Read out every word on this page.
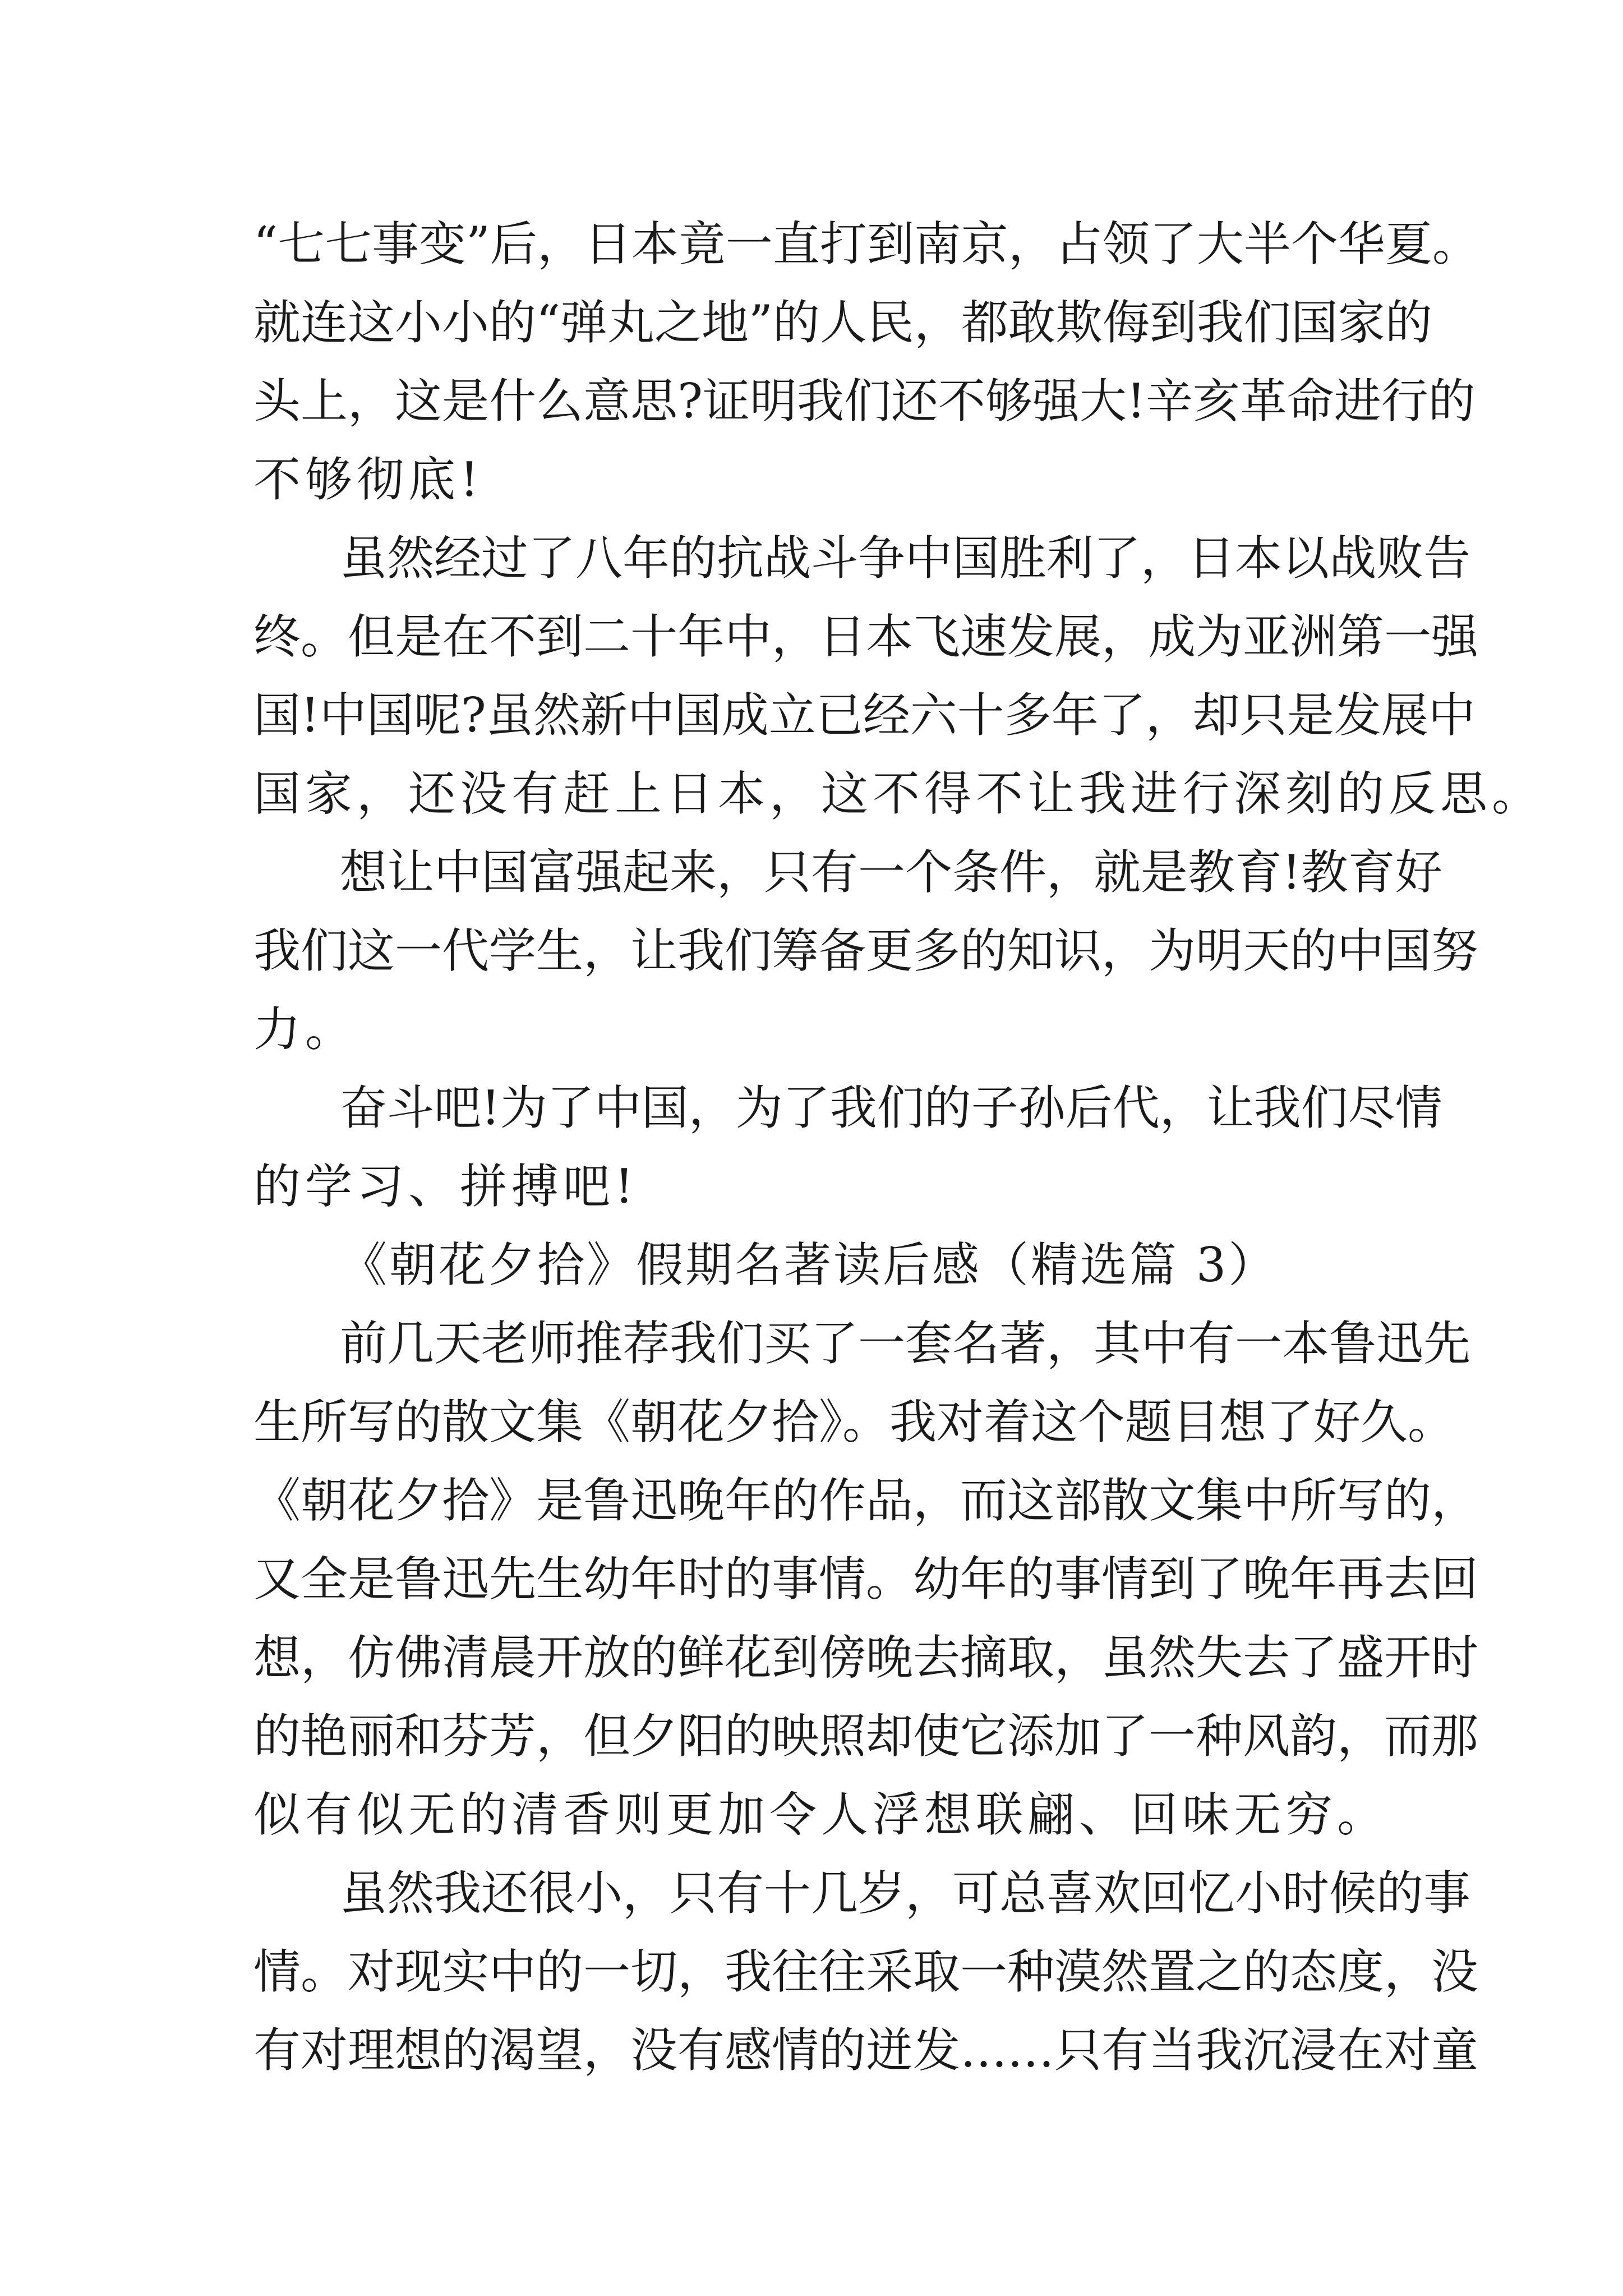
“七七事变”后，日本竟一直打到南京，占领了大半个华夏。
就连这小小的“弹丸之地”的人民，都敢欺侮到我们国家的
头上，这是什么意思?证明我们还不够强大!辛亥革命进行的
不够彻底!
虽然经过了八年的抗战斗争中国胜利了，日本以战败告
终。但是在不到二十年中，日本飞速发展，成为亚洲第一强
国!中国呢?虽然新中国成立已经六十多年了，却只是发展中
国家，还没有赶上日本，这不得不让我进行深刻的反思。
想让中国富强起来，只有一个条件，就是教育!教育好
我们这一代学生，让我们筹备更多的知识，为明天的中国努
力。
奋斗吧!为了中国，为了我们的子孙后代，让我们尽情
的学习、拼搏吧!
《朝花夕拾》假期名著读后感（精选篇 3）
前几天老师推荐我们买了一套名著，其中有一本鲁迅先
生所写的散文集《朝花夕拾》。我对着这个题目想了好久。
《朝花夕拾》是鲁迅晚年的作品，而这部散文集中所写的，
又全是鲁迅先生幼年时的事情。幼年的事情到了晚年再去回
想，仿佛清晨开放的鲜花到傍晚去摘取，虽然失去了盛开时
的艳丽和芬芳，但夕阳的映照却使它添加了一种风韵，而那
似有似无的清香则更加令人浮想联翩、回味无穷。
虽然我还很小，只有十几岁，可总喜欢回忆小时候的事
情。对现实中的一切，我往往采取一种漠然置之的态度，没
有对理想的渴望，没有感情的迸发……只有当我沉浸在对童
